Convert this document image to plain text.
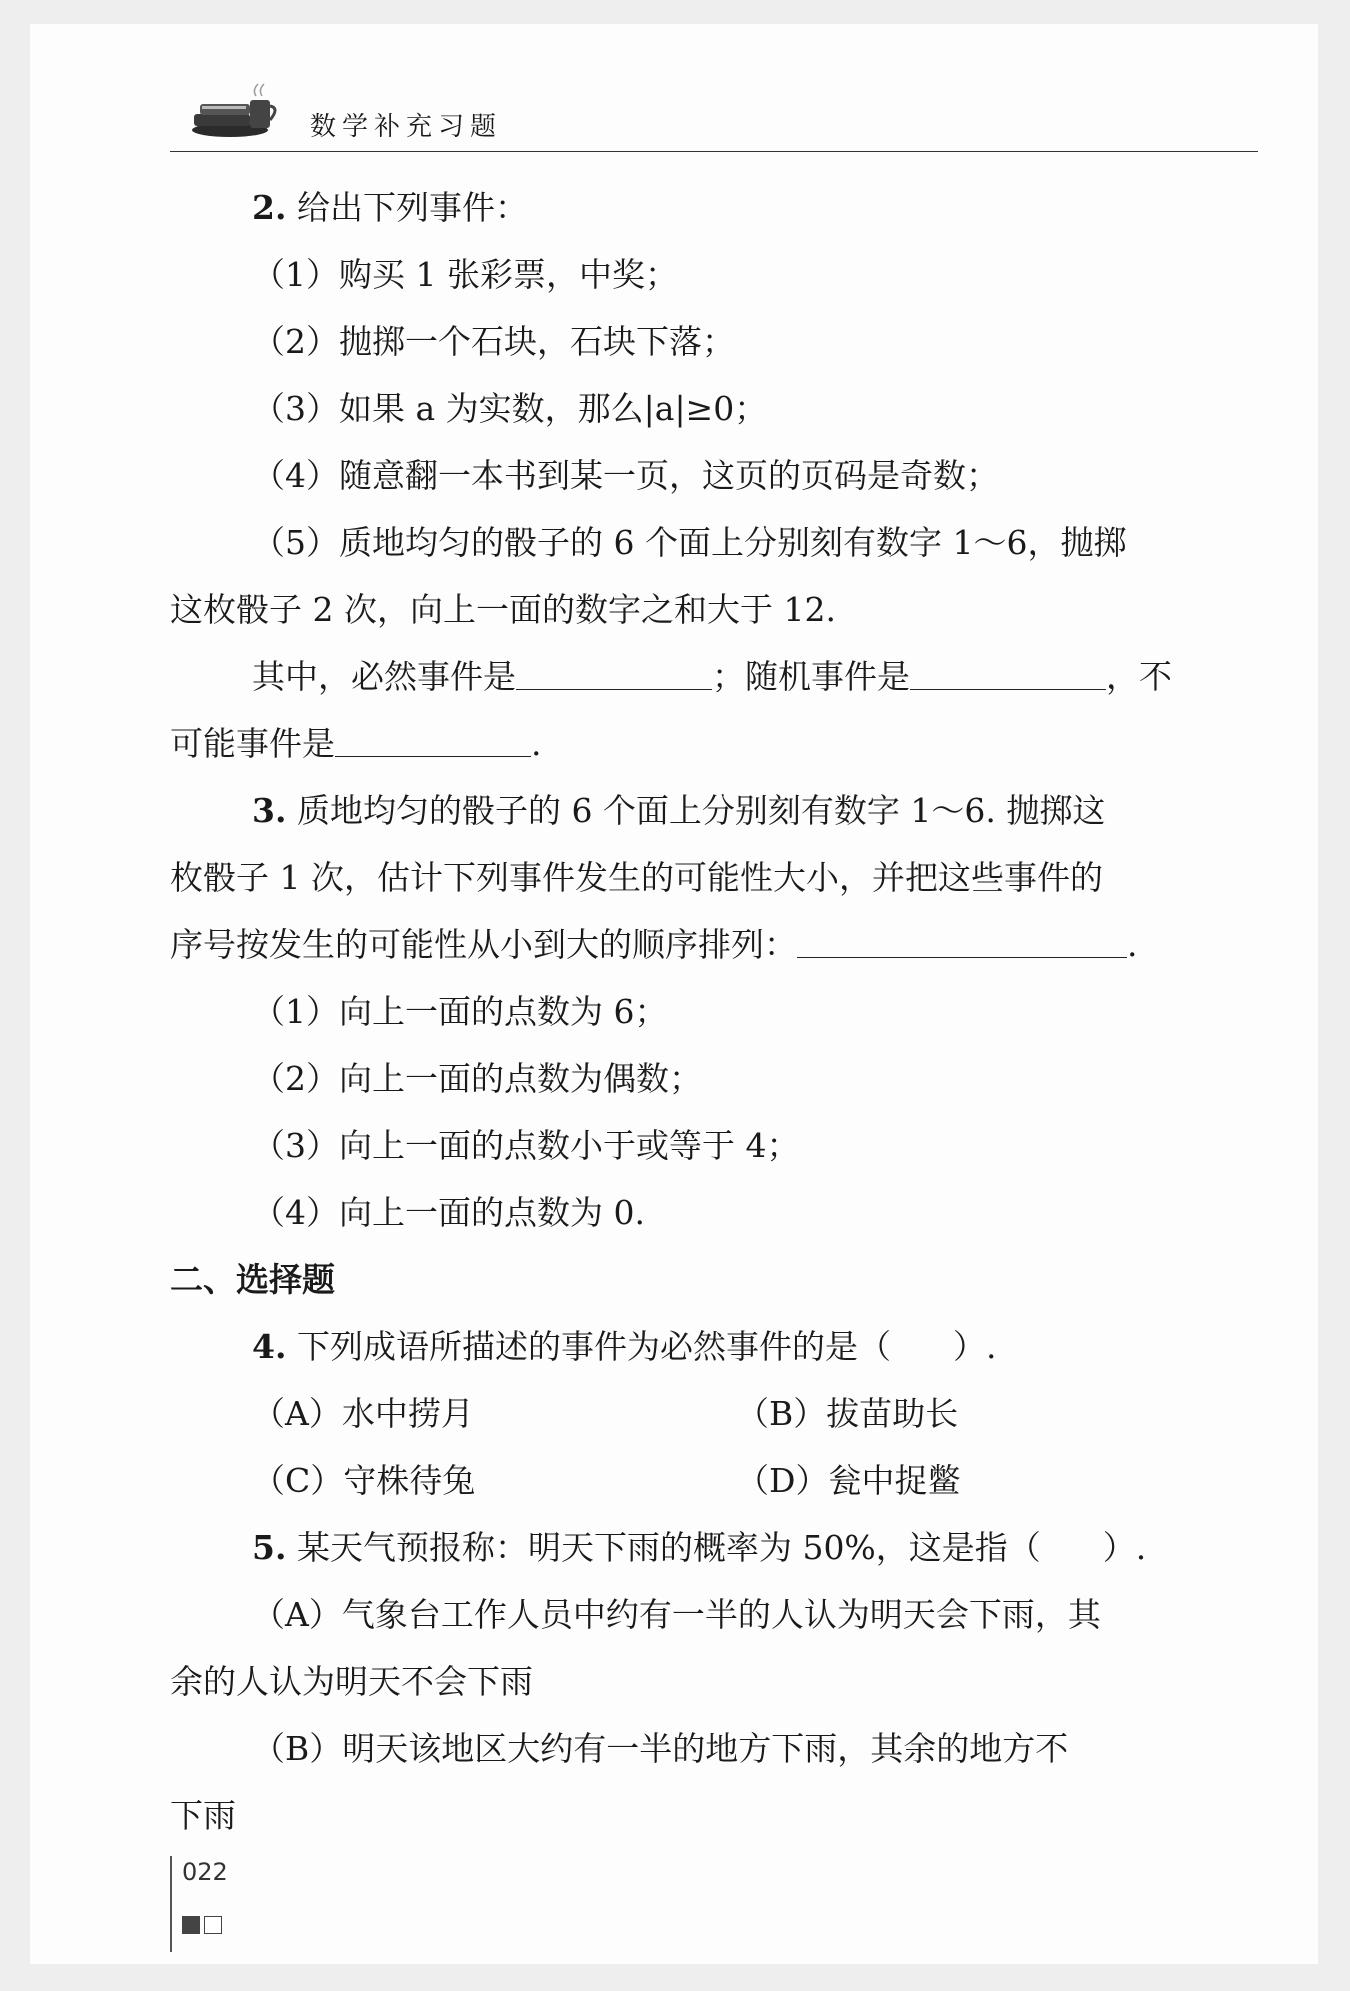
数学补充习题
2. 给出下列事件：
（1）购买 1 张彩票，中奖；
（2）抛掷一个石块，石块下落；
（3）如果 a 为实数，那么|a|≥0；
（4）随意翻一本书到某一页，这页的页码是奇数；
（5）质地均匀的骰子的 6 个面上分别刻有数字 1～6，抛掷
这枚骰子 2 次，向上一面的数字之和大于 12.
其中，必然事件是	；随机事件是	，不
可能事件是	.
3. 质地均匀的骰子的 6 个面上分别刻有数字 1～6. 抛掷这
枚骰子 1 次，估计下列事件发生的可能性大小，并把这些事件的
序号按发生的可能性从小到大的顺序排列：	.
（1）向上一面的点数为 6；
（2）向上一面的点数为偶数；
（3）向上一面的点数小于或等于 4；
（4）向上一面的点数为 0.
二、选择题
4. 下列成语所描述的事件为必然事件的是（ ）.
（A）水中捞月	（B）拔苗助长
（C）守株待兔	（D）瓮中捉鳖
5. 某天气预报称：明天下雨的概率为 50%，这是指（ ）.
（A）气象台工作人员中约有一半的人认为明天会下雨，其
余的人认为明天不会下雨
（B）明天该地区大约有一半的地方下雨，其余的地方不
下雨
022
